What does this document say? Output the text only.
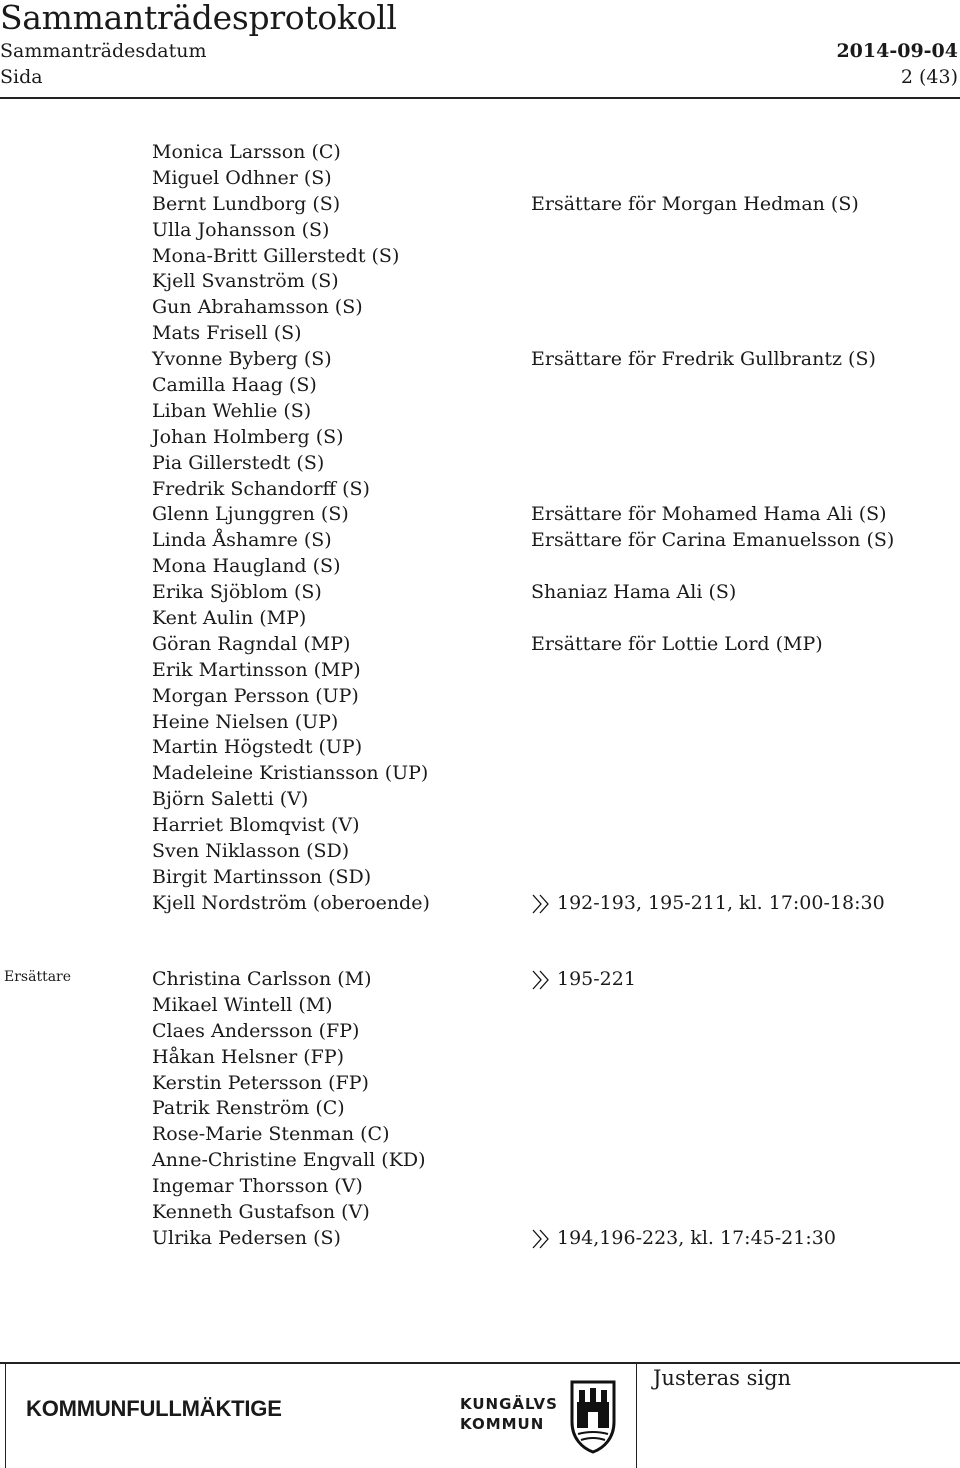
Sammanträdesprotokoll
Sammanträdesdatum	2014-09-04
Sida	2 (43)
Monica Larsson (C)
Miguel Odhner (S)
Bernt Lundborg (S)	Ersättare för Morgan Hedman (S)
Ulla Johansson (S)
Mona-Britt Gillerstedt (S)
Kjell Svanström (S)
Gun Abrahamsson (S)
Mats Frisell (S)
Yvonne Byberg (S)	Ersättare för Fredrik Gullbrantz (S)
Camilla Haag (S)
Liban Wehlie (S)
Johan Holmberg (S)
Pia Gillerstedt (S)
Fredrik Schandorff (S)
Glenn Ljunggren (S)	Ersättare för Mohamed Hama Ali (S)
Linda Åshamre (S)	Ersättare för Carina Emanuelsson (S)
Mona Haugland (S)
Erika Sjöblom (S)	Shaniaz Hama Ali (S)
Kent Aulin (MP)
Göran Ragndal (MP)	Ersättare för Lottie Lord (MP)
Erik Martinsson (MP)
Morgan Persson (UP)
Heine Nielsen (UP)
Martin Högstedt (UP)
Madeleine Kristiansson (UP)
Björn Saletti (V)
Harriet Blomqvist (V)
Sven Niklasson (SD)
Birgit Martinsson (SD)
Kjell Nordström (oberoende)	192-193, 195-211, kl. 17:00-18:30
Ersättare	Christina Carlsson (M)	195-221
Mikael Wintell (M)
Claes Andersson (FP)
Håkan Helsner (FP)
Kerstin Petersson (FP)
Patrik Renström (C)
Rose-Marie Stenman (C)
Anne-Christine Engvall (KD)
Ingemar Thorsson (V)
Kenneth Gustafson (V)
Ulrika Pedersen (S)	194,196-223, kl. 17:45-21:30
KOMMUNFULLMÄKTIGE	KUNGÄLVS
KOMMUN
Justeras sign
